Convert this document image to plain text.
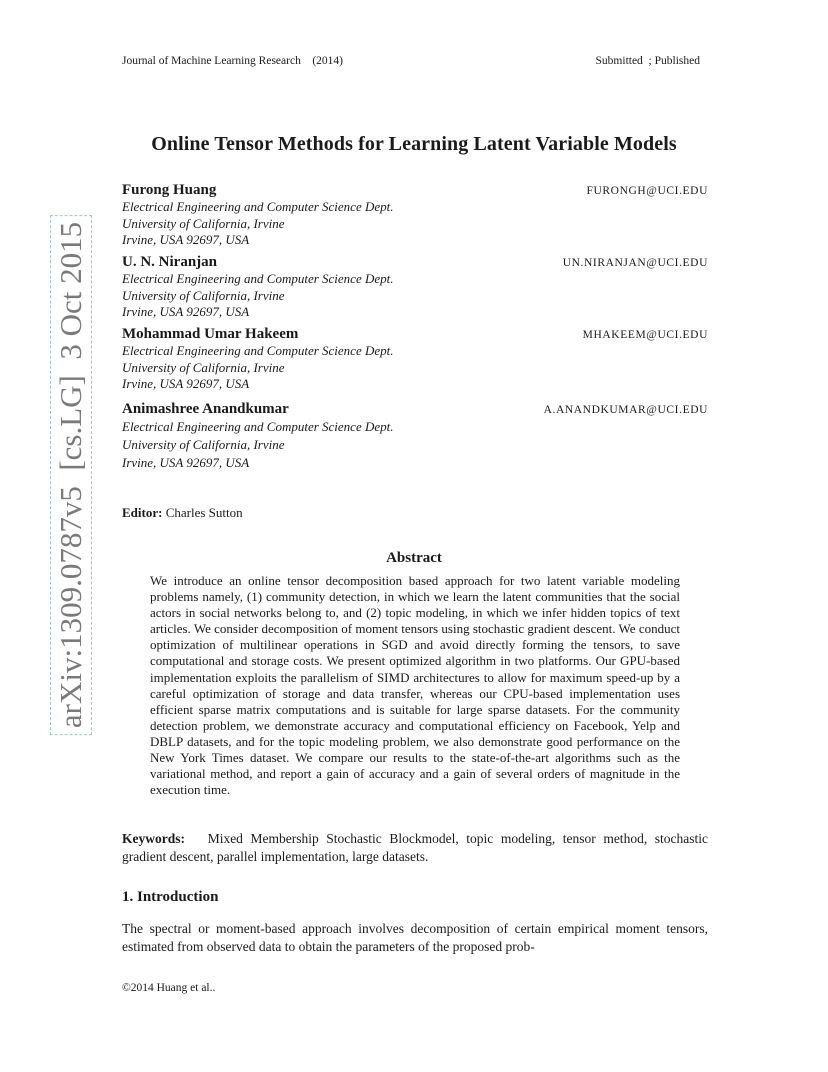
Journal of Machine Learning Research    (2014)	Submitted  ; Published
arXiv:1309.0787v5  [cs.LG]  3 Oct 2015
Online Tensor Methods for Learning Latent Variable Models
Furong Huang	FURONGH@UCI.EDU
Electrical Engineering and Computer Science Dept.
University of California, Irvine
Irvine, USA 92697, USA
U. N. Niranjan	UN.NIRANJAN@UCI.EDU
Electrical Engineering and Computer Science Dept.
University of California, Irvine
Irvine, USA 92697, USA
Mohammad Umar Hakeem	MHAKEEM@UCI.EDU
Electrical Engineering and Computer Science Dept.
University of California, Irvine
Irvine, USA 92697, USA
Animashree Anandkumar	A.ANANDKUMAR@UCI.EDU
Electrical Engineering and Computer Science Dept.
University of California, Irvine
Irvine, USA 92697, USA
Editor: Charles Sutton
Abstract
We introduce an online tensor decomposition based approach for two latent variable modeling problems namely, (1) community detection, in which we learn the latent communities that the social actors in social networks belong to, and (2) topic modeling, in which we infer hidden topics of text articles. We consider decomposition of moment tensors using stochastic gradient descent. We conduct optimization of multilinear operations in SGD and avoid directly forming the tensors, to save computational and storage costs. We present optimized algorithm in two platforms. Our GPU-based implementation exploits the parallelism of SIMD architectures to allow for maximum speed-up by a careful optimization of storage and data transfer, whereas our CPU-based implementation uses efficient sparse matrix computations and is suitable for large sparse datasets. For the community detection problem, we demonstrate accuracy and computational efficiency on Facebook, Yelp and DBLP datasets, and for the topic modeling problem, we also demonstrate good performance on the New York Times dataset. We compare our results to the state-of-the-art algorithms such as the variational method, and report a gain of accuracy and a gain of several orders of magnitude in the execution time.
Keywords: Mixed Membership Stochastic Blockmodel, topic modeling, tensor method, stochastic gradient descent, parallel implementation, large datasets.
1. Introduction
The spectral or moment-based approach involves decomposition of certain empirical moment tensors, estimated from observed data to obtain the parameters of the proposed prob-
©2014 Huang et al..
